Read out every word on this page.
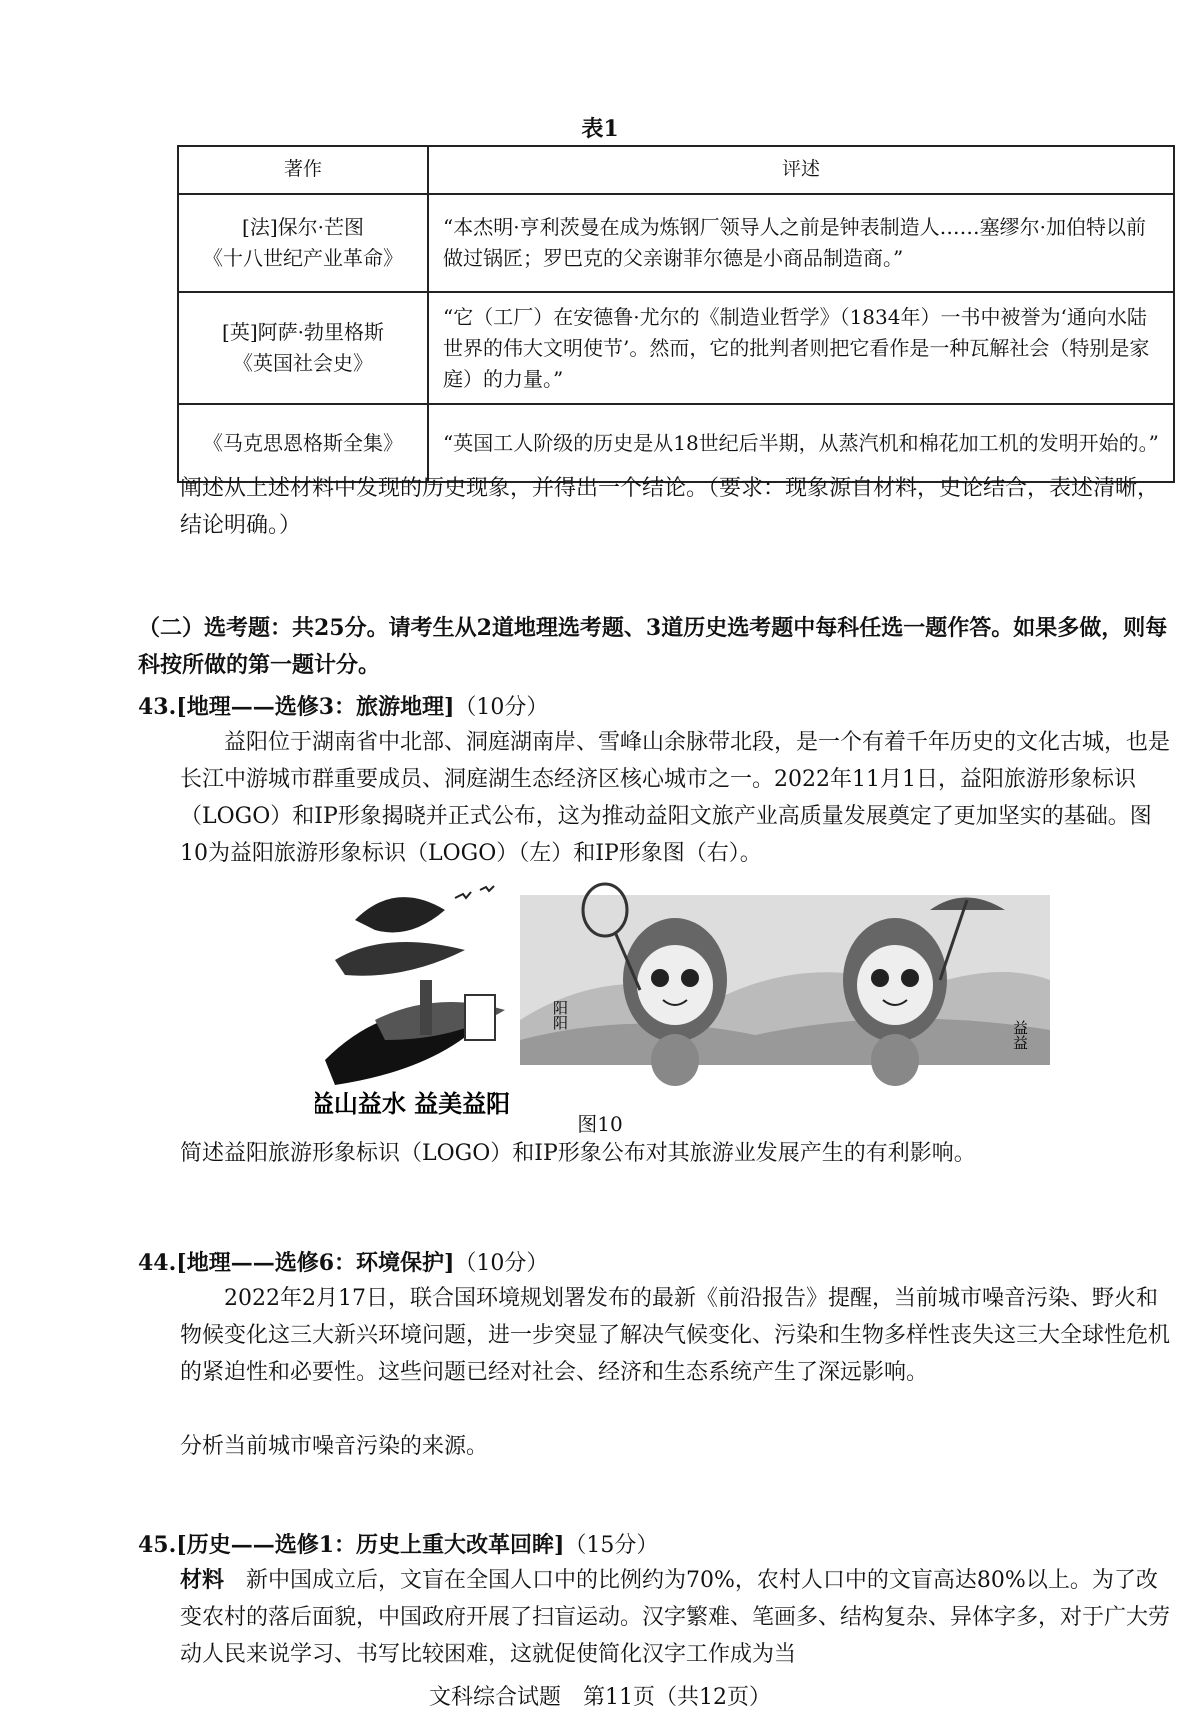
表1
著作	评述

[法]保尔·芒图
《十八世纪产业革命》	“本杰明·亨利茨曼在成为炼钢厂领导人之前是钟表制造人……塞缪尔·加伯特以前做过锅匠；罗巴克的父亲谢菲尔德是小商品制造商。”

[英]阿萨·勃里格斯
《英国社会史》	“它（工厂）在安德鲁·尤尔的《制造业哲学》（1834年）一书中被誉为‘通向水陆世界的伟大文明使节’。然而，它的批判者则把它看作是一种瓦解社会（特别是家庭）的力量。”

《马克思恩格斯全集》	“英国工人阶级的历史是从18世纪后半期，从蒸汽机和棉花加工机的发明开始的。”
阐述从上述材料中发现的历史现象，并得出一个结论。（要求：现象源自材料，史论结合，表述清晰，结论明确。）
（二）选考题：共25分。请考生从2道地理选考题、3道历史选考题中每科任选一题作答。如果多做，则每科按所做的第一题计分。
43.[地理——选修3：旅游地理]（10分）
益阳位于湖南省中北部、洞庭湖南岸、雪峰山余脉带北段，是一个有着千年历史的文化古城，也是长江中游城市群重要成员、洞庭湖生态经济区核心城市之一。2022年11月1日，益阳旅游形象标识（LOGO）和IP形象揭晓并正式公布，这为推动益阳文旅产业高质量发展奠定了更加坚实的基础。图10为益阳旅游形象标识（LOGO）（左）和IP形象图（右）。
益山益水 益美益阳
阳阳
益益
图10
简述益阳旅游形象标识（LOGO）和IP形象公布对其旅游业发展产生的有利影响。
44.[地理——选修6：环境保护]（10分）
2022年2月17日，联合国环境规划署发布的最新《前沿报告》提醒，当前城市噪音污染、野火和物候变化这三大新兴环境问题，进一步突显了解决气候变化、污染和生物多样性丧失这三大全球性危机的紧迫性和必要性。这些问题已经对社会、经济和生态系统产生了深远影响。
分析当前城市噪音污染的来源。
45.[历史——选修1：历史上重大改革回眸]（15分）
材料　 新中国成立后，文盲在全国人口中的比例约为70%，农村人口中的文盲高达80%以上。为了改变农村的落后面貌，中国政府开展了扫盲运动。汉字繁难、笔画多、结构复杂、异体字多，对于广大劳动人民来说学习、书写比较困难，这就促使简化汉字工作成为当
文科综合试题　第11页（共12页）
